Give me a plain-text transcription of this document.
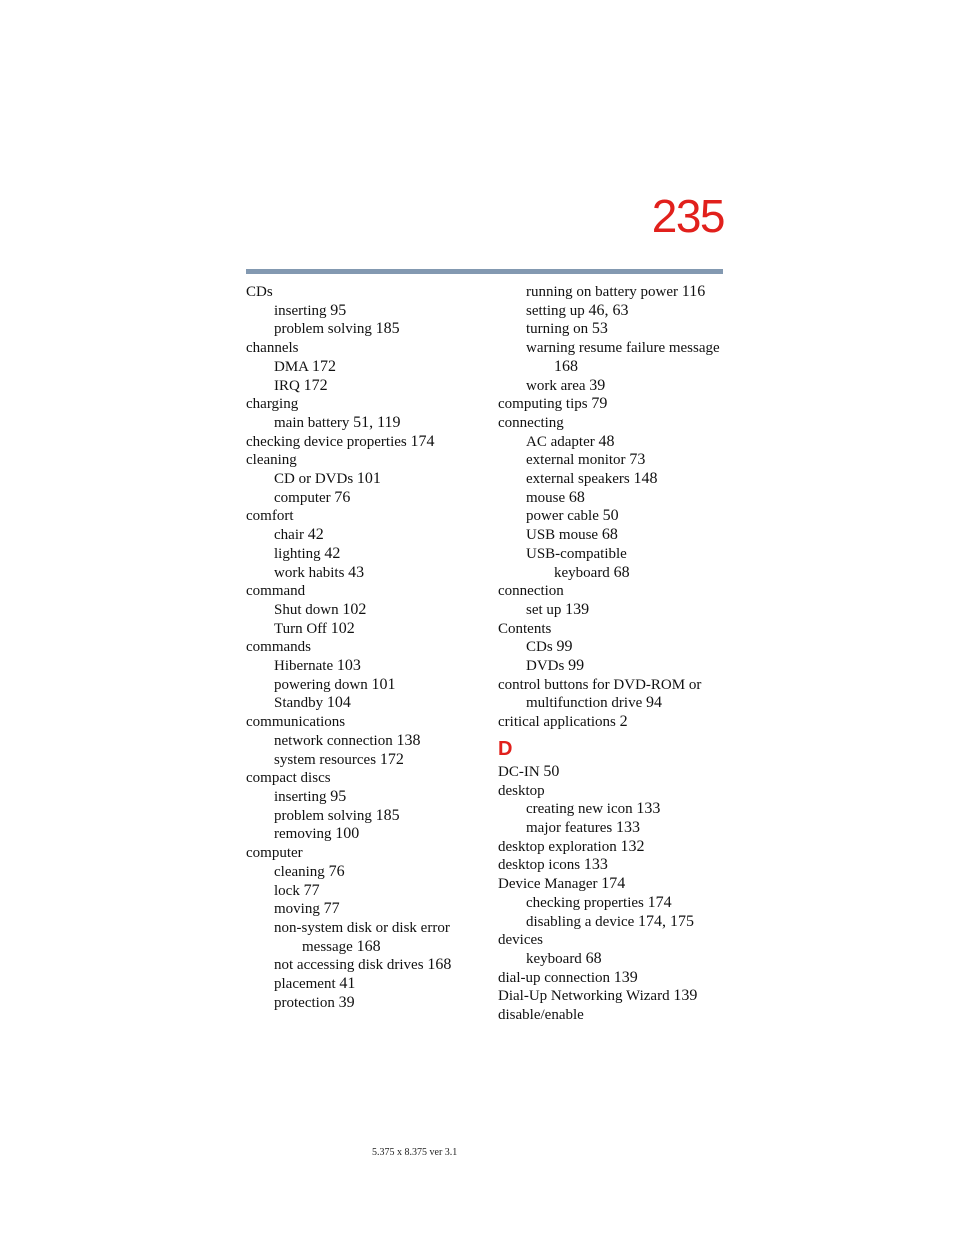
235
CDs
inserting 95
problem solving 185
channels
DMA 172
IRQ 172
charging
main battery 51, 119
checking device properties 174
cleaning
CD or DVDs 101
computer 76
comfort
chair 42
lighting 42
work habits 43
command
Shut down 102
Turn Off 102
commands
Hibernate 103
powering down 101
Standby 104
communications
network connection 138
system resources 172
compact discs
inserting 95
problem solving 185
removing 100
computer
cleaning 76
lock 77
moving 77
non-system disk or disk error
message 168
not accessing disk drives 168
placement 41
protection 39
running on battery power 116
setting up 46, 63
turning on 53
warning resume failure message
168
work area 39
computing tips 79
connecting
AC adapter 48
external monitor 73
external speakers 148
mouse 68
power cable 50
USB mouse 68
USB-compatible
keyboard 68
connection
set up 139
Contents
CDs 99
DVDs 99
control buttons for DVD-ROM or
multifunction drive 94
critical applications 2
D
DC-IN 50
desktop
creating new icon 133
major features 133
desktop exploration 132
desktop icons 133
Device Manager 174
checking properties 174
disabling a device 174, 175
devices
keyboard 68
dial-up connection 139
Dial-Up Networking Wizard 139
disable/enable
5.375 x 8.375 ver 3.1
